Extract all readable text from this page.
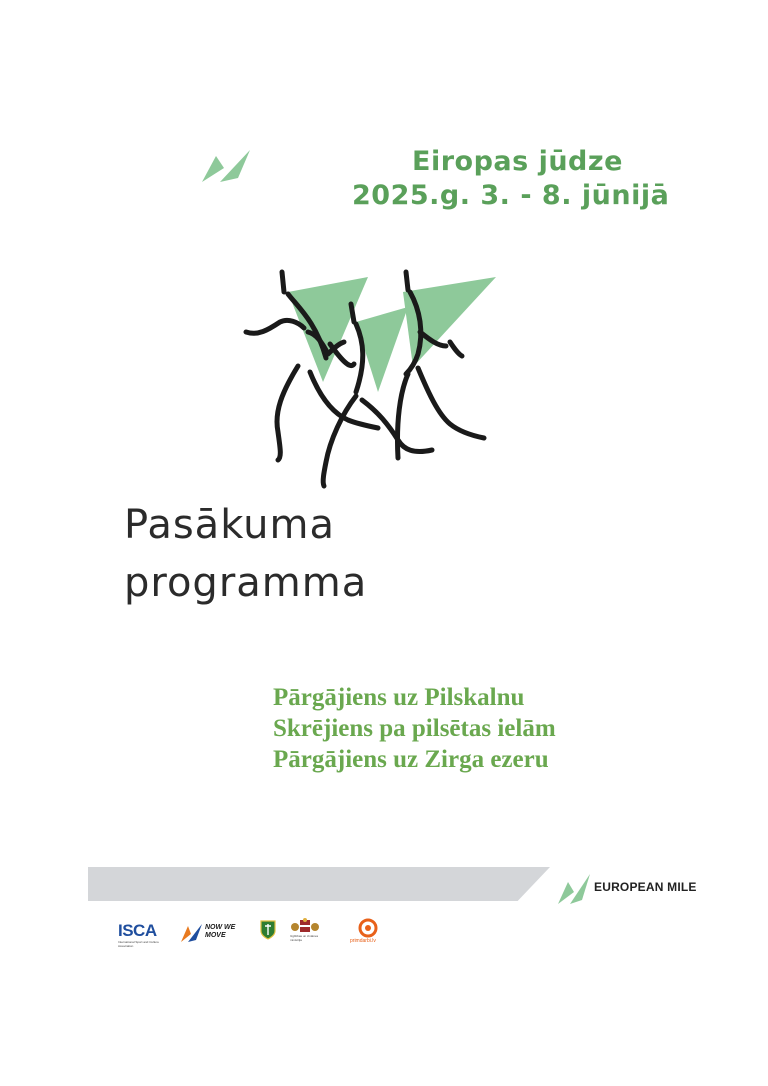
Eiropas jūdze
2025.g. 3. - 8. jūnijā
Pasākuma
programma
Pārgājiens uz Pilskalnu
Skrējiens pa pilsētas ielām
Pārgājiens uz Zirga ezeru
EUROPEAN MILE
ISCA
International Sport and Culture Association
NOW WE MOVE	Izglītības un zinātnes ministrija	primdarbi.lv
